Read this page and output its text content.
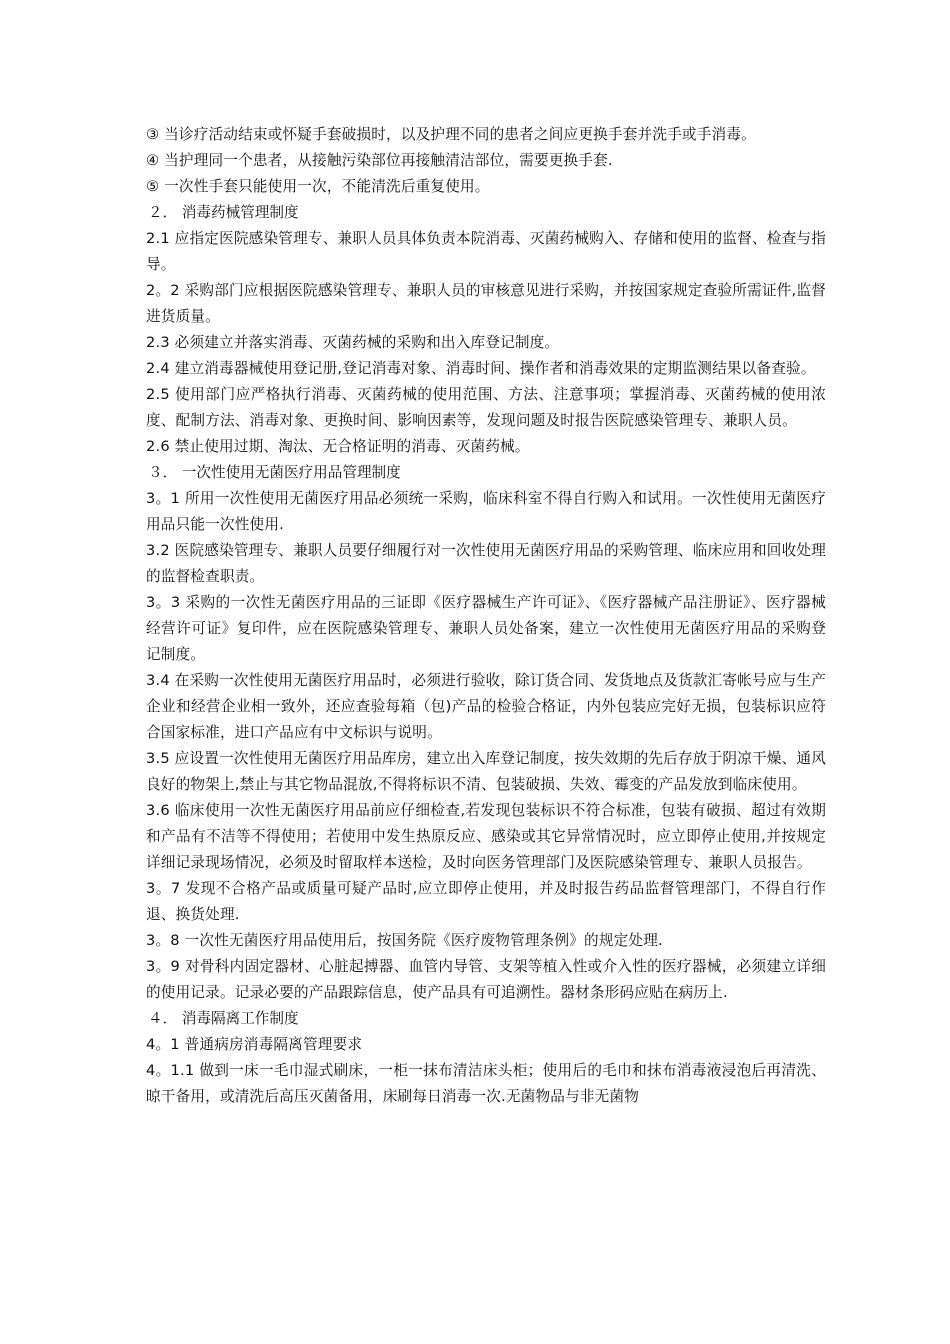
③ 当诊疗活动结束或怀疑手套破损时，以及护理不同的患者之间应更换手套并洗手或手消毒。

④ 当护理同一个患者，从接触污染部位再接触清洁部位，需要更换手套.

⑤ 一次性手套只能使用一次，不能清洗后重复使用。

２． 消毒药械管理制度

2.1 应指定医院感染管理专、兼职人员具体负责本院消毒、灭菌药械购入、存储和使用的监督、检查与指导。

2。2 采购部门应根据医院感染管理专、兼职人员的审核意见进行采购，并按国家规定查验所需证件,监督进货质量。

2.3 必须建立并落实消毒、灭菌药械的采购和出入库登记制度。

2.4 建立消毒器械使用登记册,登记消毒对象、消毒时间、操作者和消毒效果的定期监测结果以备查验。

2.5 使用部门应严格执行消毒、灭菌药械的使用范围、方法、注意事项；掌握消毒、灭菌药械的使用浓度、配制方法、消毒对象、更换时间、影响因素等，发现问题及时报告医院感染管理专、兼职人员。

2.6 禁止使用过期、淘汰、无合格证明的消毒、灭菌药械。

３． 一次性使用无菌医疗用品管理制度

3。1 所用一次性使用无菌医疗用品必须统一采购，临床科室不得自行购入和试用。一次性使用无菌医疗用品只能一次性使用.

3.2 医院感染管理专、兼职人员要仔细履行对一次性使用无菌医疗用品的采购管理、临床应用和回收处理的监督检查职责。

3。3 采购的一次性无菌医疗用品的三证即《医疗器械生产许可证》、《医疗器械产品注册证》、医疗器械经营许可证》复印件，应在医院感染管理专、兼职人员处备案，建立一次性使用无菌医疗用品的采购登记制度。

3.4 在采购一次性使用无菌医疗用品时，必须进行验收，除订货合同、发货地点及货款汇寄帐号应与生产企业和经营企业相一致外，还应查验每箱（包)产品的检验合格证，内外包装应完好无损，包装标识应符合国家标准，进口产品应有中文标识与说明。

3.5 应设置一次性使用无菌医疗用品库房，建立出入库登记制度，按失效期的先后存放于阴凉干燥、通风良好的物架上,禁止与其它物品混放,不得将标识不清、包装破损、失效、霉变的产品发放到临床使用。

3.6 临床使用一次性无菌医疗用品前应仔细检查,若发现包装标识不符合标准，包装有破损、超过有效期和产品有不洁等不得使用；若使用中发生热原反应、感染或其它异常情况时，应立即停止使用,并按规定详细记录现场情况，必须及时留取样本送检，及时向医务管理部门及医院感染管理专、兼职人员报告。

3。7 发现不合格产品或质量可疑产品时,应立即停止使用，并及时报告药品监督管理部门，不得自行作退、换货处理.

3。8 一次性无菌医疗用品使用后，按国务院《医疗废物管理条例》的规定处理.

3。9 对骨科内固定器材、心脏起搏器、血管内导管、支架等植入性或介入性的医疗器械，必须建立详细的使用记录。记录必要的产品跟踪信息，使产品具有可追溯性。器材条形码应贴在病历上.

４． 消毒隔离工作制度

4。1 普通病房消毒隔离管理要求

4。1.1 做到一床一毛巾湿式刷床，一柜一抹布清洁床头柜；使用后的毛巾和抹布消毒液浸泡后再清洗、晾干备用，或清洗后高压灭菌备用，床刷每日消毒一次.无菌物品与非无菌物
